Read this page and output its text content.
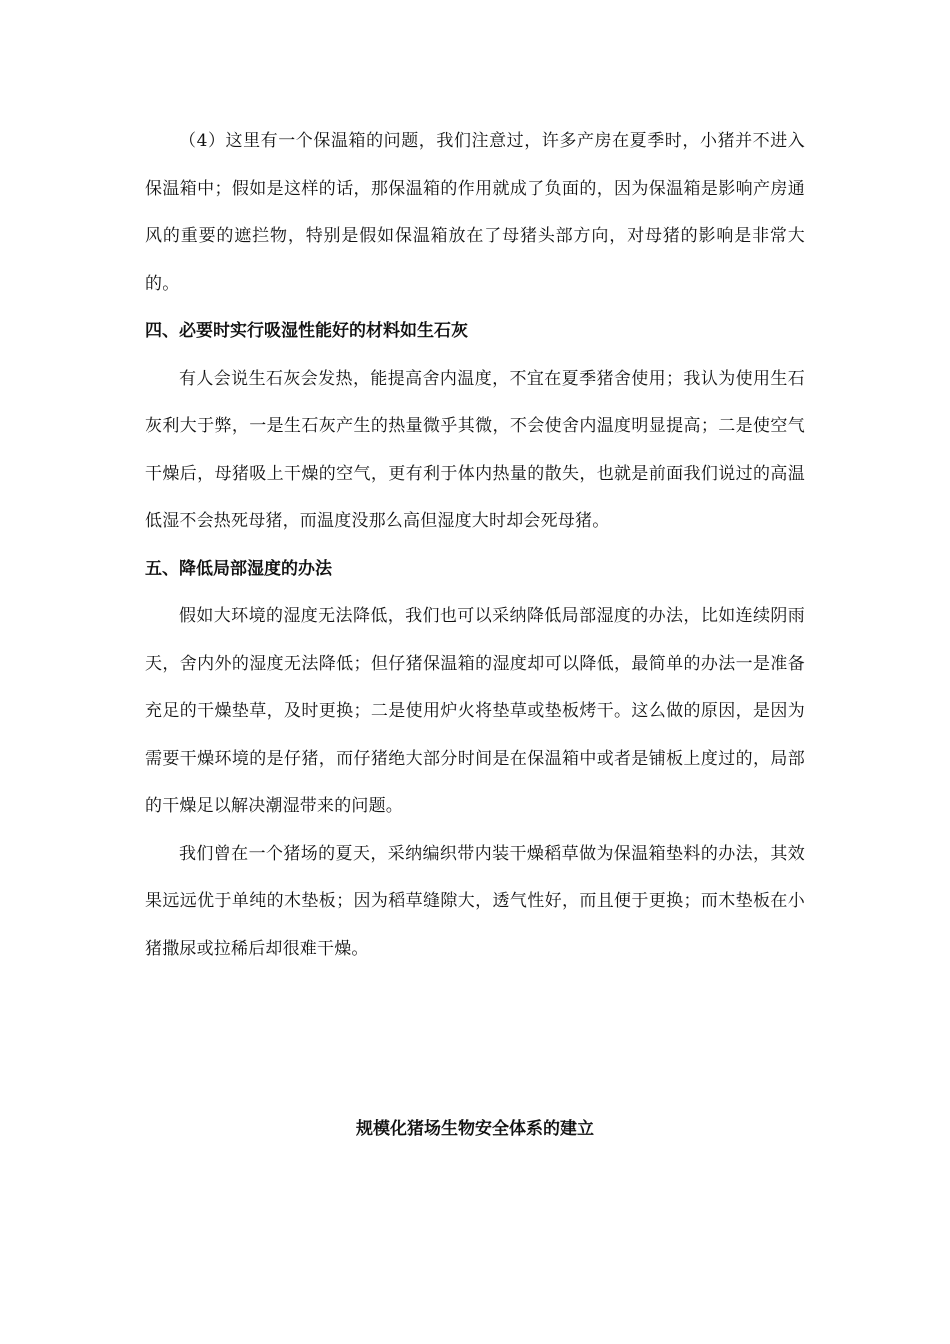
（4）这里有一个保温箱的问题，我们注意过，许多产房在夏季时，小猪并不进入保温箱中；假如是这样的话，那保温箱的作用就成了负面的，因为保温箱是影响产房通风的重要的遮拦物，特别是假如保温箱放在了母猪头部方向，对母猪的影响是非常大的。

四、必要时实行吸湿性能好的材料如生石灰

有人会说生石灰会发热，能提高舍内温度，不宜在夏季猪舍使用；我认为使用生石灰利大于弊，一是生石灰产生的热量微乎其微，不会使舍内温度明显提高；二是使空气干燥后，母猪吸上干燥的空气，更有利于体内热量的散失，也就是前面我们说过的高温低湿不会热死母猪，而温度没那么高但湿度大时却会死母猪。

五、降低局部湿度的办法

假如大环境的湿度无法降低，我们也可以采纳降低局部湿度的办法，比如连续阴雨天，舍内外的湿度无法降低；但仔猪保温箱的湿度却可以降低，最简单的办法一是准备充足的干燥垫草，及时更换；二是使用炉火将垫草或垫板烤干。这么做的原因，是因为需要干燥环境的是仔猪，而仔猪绝大部分时间是在保温箱中或者是铺板上度过的，局部的干燥足以解决潮湿带来的问题。

我们曾在一个猪场的夏天，采纳编织带内装干燥稻草做为保温箱垫料的办法，其效果远远优于单纯的木垫板；因为稻草缝隙大，透气性好，而且便于更换；而木垫板在小猪撒尿或拉稀后却很难干燥。

规模化猪场生物安全体系的建立
